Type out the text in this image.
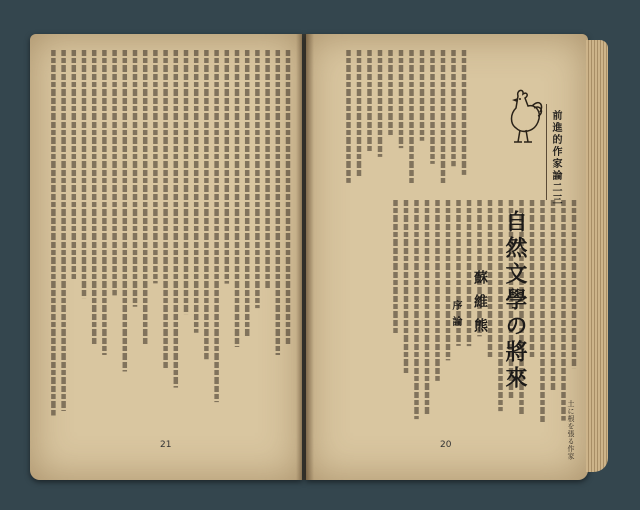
前進的作家論二三
自然文學の將來
蘇維熊
序論
土に根を張る作家
21	20
